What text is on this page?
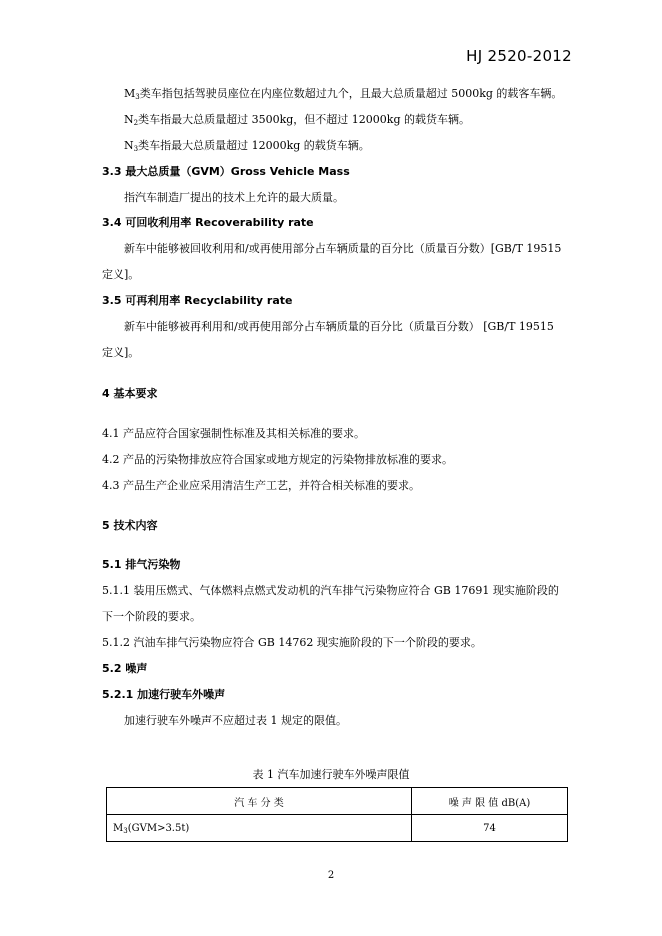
HJ 2520-2012
$M_3$类车指包括驾驶员座位在内座位数超过九个，且最大总质量超过 5000kg 的载客车辆。
$N_2$类车指最大总质量超过 3500kg，但不超过 12000kg 的载货车辆。
$N_3$类车指最大总质量超过 12000kg 的载货车辆。
3.3 最大总质量（GVM）Gross Vehicle Mass
指汽车制造厂提出的技术上允许的最大质量。
3.4 可回收利用率 Recoverability rate
新车中能够被回收利用和/或再使用部分占车辆质量的百分比（质量百分数）[GB/T 19515
定义]。
3.5 可再利用率 Recyclability rate
新车中能够被再利用和/或再使用部分占车辆质量的百分比（质量百分数） [GB/T 19515
定义]。
4 基本要求
4.1 产品应符合国家强制性标准及其相关标准的要求。
4.2 产品的污染物排放应符合国家或地方规定的污染物排放标准的要求。
4.3 产品生产企业应采用清洁生产工艺，并符合相关标准的要求。
5 技术内容
5.1 排气污染物
5.1.1 装用压燃式、气体燃料点燃式发动机的汽车排气污染物应符合 GB 17691 现实施阶段的
下一个阶段的要求。
5.1.2 汽油车排气污染物应符合 GB 14762 现实施阶段的下一个阶段的要求。
5.2 噪声
5.2.1 加速行驶车外噪声
加速行驶车外噪声不应超过表 1 规定的限值。
表 1 汽车加速行驶车外噪声限值
汽 车 分 类	噪 声 限 值 dB(A)
$M_3(GVM>3.5t)$	74
2
